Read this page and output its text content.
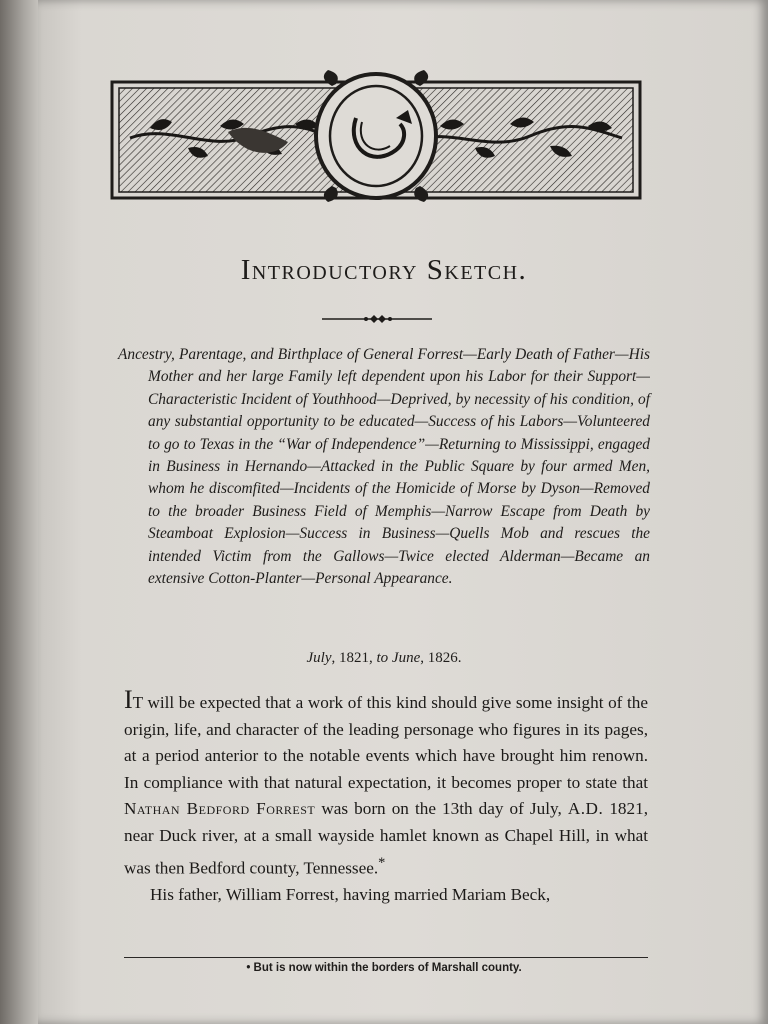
Introductory Sketch.

Ancestry, Parentage, and Birthplace of General Forrest—Early Death of Father—His Mother and her large Family left dependent upon his Labor for their Support—Characteristic Incident of Youthhood—Deprived, by necessity of his condition, of any substantial opportunity to be educated—Success of his Labors—Volunteered to go to Texas in the “War of Independence”—Returning to Mississippi, engaged in Business in Hernando—Attacked in the Public Square by four armed Men, whom he discomfited—Incidents of the Homicide of Morse by Dyson—Removed to the broader Business Field of Memphis—Narrow Escape from Death by Steamboat Explosion—Success in Business—Quells Mob and rescues the intended Victim from the Gallows—Twice elected Alderman—Became an extensive Cotton-Planter—Personal Appearance.

July, 1821, to June, 1826.

IT will be expected that a work of this kind should give some insight of the origin, life, and character of the leading personage who figures in its pages, at a period anterior to the notable events which have brought him renown. In compliance with that natural expectation, it becomes proper to state that Nathan Bedford Forrest was born on the 13th day of July, A.D. 1821, near Duck river, at a small wayside hamlet known as Chapel Hill, in what was then Bedford county, Tennessee.*

His father, William Forrest, having married Mariam Beck,

• But is now within the borders of Marshall county.
